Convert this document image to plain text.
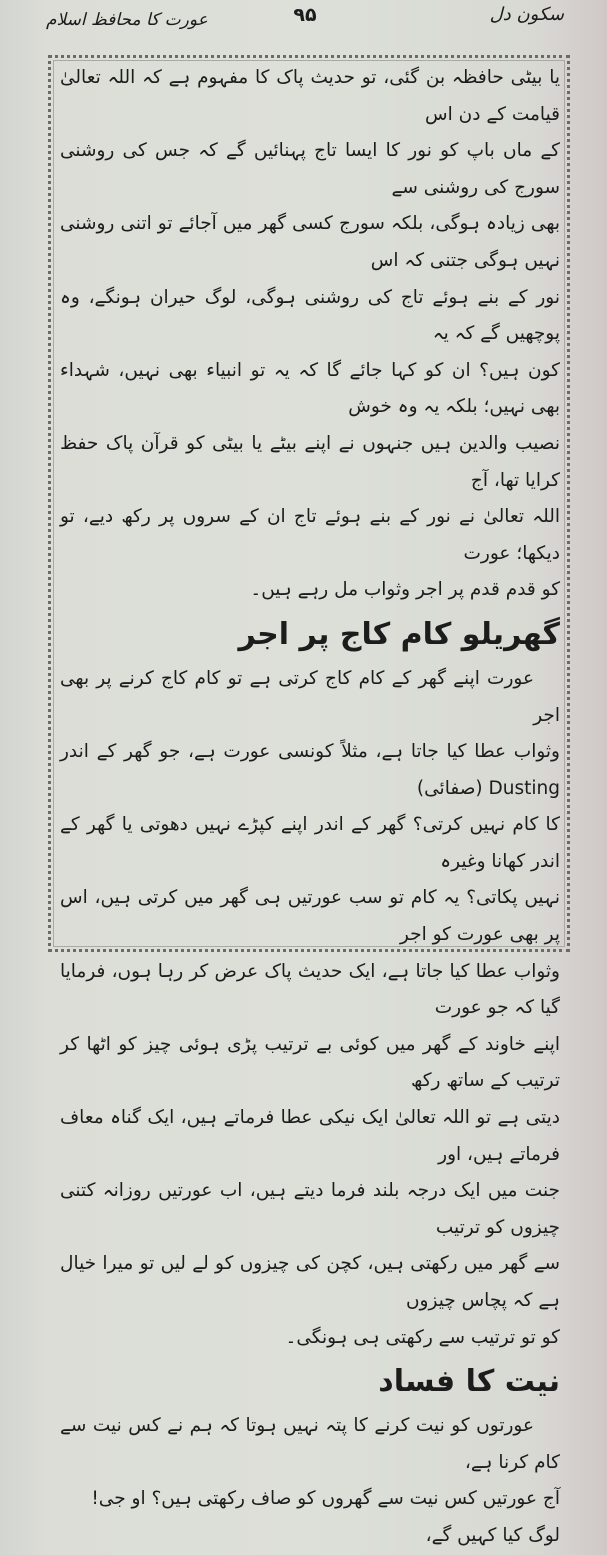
عورت کا محافظ اسلام	۹۵	سکون دل

یا بیٹی حافظہ بن گئی، تو حدیث پاک کا مفہوم ہے کہ اللہ تعالیٰ قیامت کے دن اس

کے ماں باپ کو نور کا ایسا تاج پہنائیں گے کہ جس کی روشنی سورج کی روشنی سے

بھی زیادہ ہوگی، بلکہ سورج کسی گھر میں آجائے تو اتنی روشنی نہیں ہوگی جتنی کہ اس

نور کے بنے ہوئے تاج کی روشنی ہوگی، لوگ حیران ہونگے، وہ پوچھیں گے کہ یہ

کون ہیں؟ ان کو کہا جائے گا کہ یہ تو انبیاء بھی نہیں، شہداء بھی نہیں؛ بلکہ یہ وہ خوش

نصیب والدین ہیں جنہوں نے اپنے بیٹے یا بیٹی کو قرآن پاک حفظ کرایا تھا، آج

اللہ تعالیٰ نے نور کے بنے ہوئے تاج ان کے سروں پر رکھ دیے، تو دیکھا؛ عورت

کو قدم قدم پر اجر وثواب مل رہے ہیں۔

گھریلو کام کاج پر اجر

عورت اپنے گھر کے کام کاج کرتی ہے تو کام کاج کرنے پر بھی اجر

وثواب عطا کیا جاتا ہے، مثلاً کونسی عورت ہے، جو گھر کے اندر Dusting (صفائی)

کا کام نہیں کرتی؟ گھر کے اندر اپنے کپڑے نہیں دھوتی یا گھر کے اندر کھانا وغیرہ

نہیں پکاتی؟ یہ کام تو سب عورتیں ہی گھر میں کرتی ہیں، اس پر بھی عورت کو اجر

وثواب عطا کیا جاتا ہے، ایک حدیث پاک عرض کر رہا ہوں، فرمایا گیا کہ جو عورت

اپنے خاوند کے گھر میں کوئی بے ترتیب پڑی ہوئی چیز کو اٹھا کر ترتیب کے ساتھ رکھ

دیتی ہے تو اللہ تعالیٰ ایک نیکی عطا فرماتے ہیں، ایک گناہ معاف فرماتے ہیں، اور

جنت میں ایک درجہ بلند فرما دیتے ہیں، اب عورتیں روزانہ کتنی چیزوں کو ترتیب

سے گھر میں رکھتی ہیں، کچن کی چیزوں کو لے لیں تو میرا خیال ہے کہ پچاس چیزوں

کو تو ترتیب سے رکھتی ہی ہونگی۔

نیت کا فساد

عورتوں کو نیت کرنے کا پتہ نہیں ہوتا کہ ہم نے کس نیت سے کام کرنا ہے،

آج عورتیں کس نیت سے گھروں کو صاف رکھتی ہیں؟ او جی! لوگ کیا کہیں گے،
